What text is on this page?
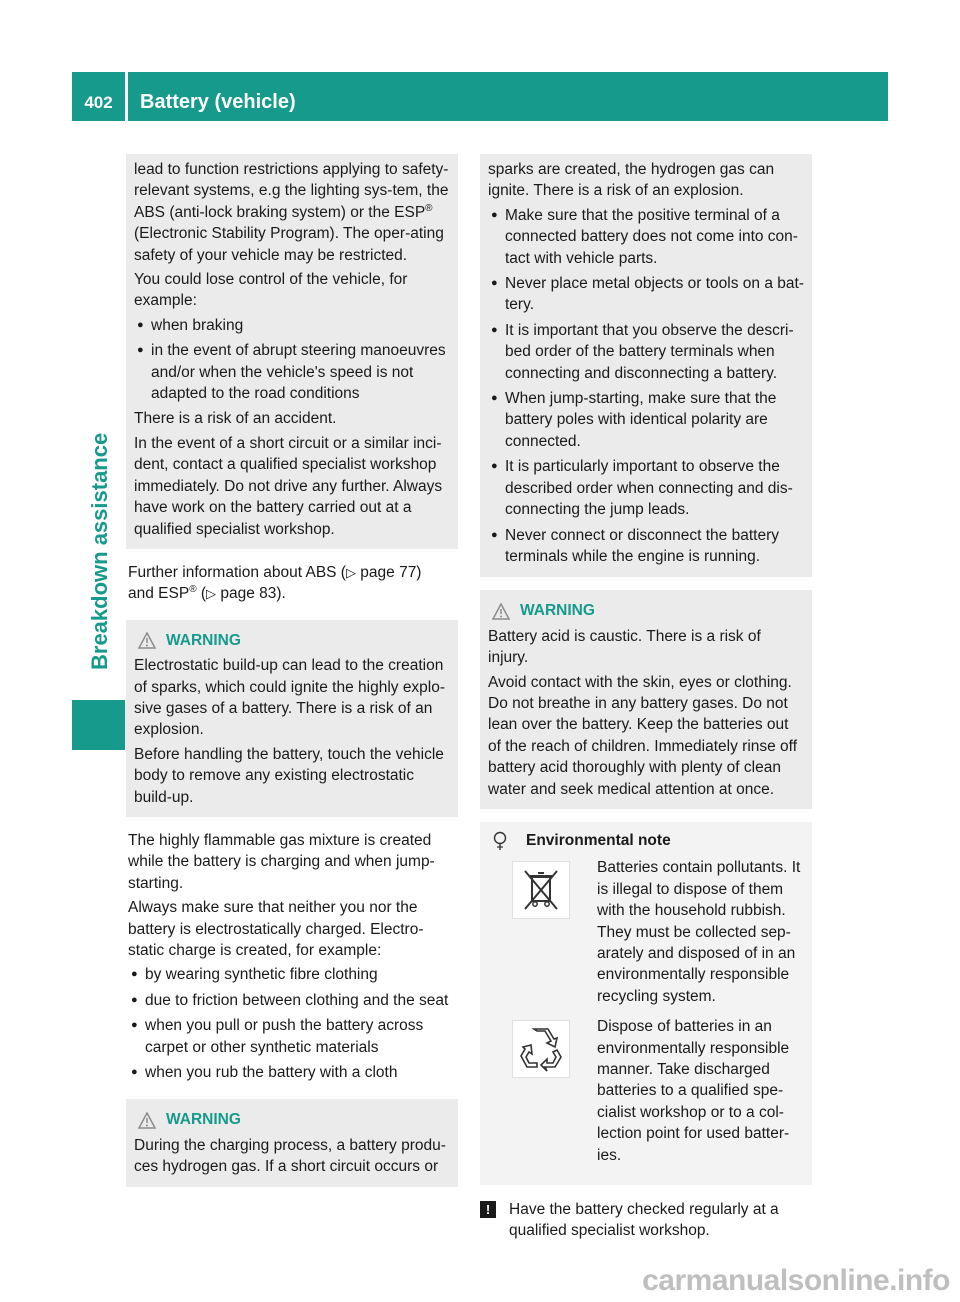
402	Battery (vehicle)
Breakdown assistance

lead to function restrictions applying to safety-relevant systems, e.g the lighting sys-tem, the ABS (anti-lock braking system) or the ESP® (Electronic Stability Program). The oper-ating safety of your vehicle may be restricted.

You could lose control of the vehicle, for example:

● when braking
● in the event of abrupt steering manoeuvres and/or when the vehicle's speed is not adapted to the road conditions

There is a risk of an accident.

In the event of a short circuit or a similar inci-dent, contact a qualified specialist workshop immediately. Do not drive any further. Always have work on the battery carried out at a qualified specialist workshop.

Further information about ABS (▷ page 77)
and ESP® (▷ page 83).

WARNING

Electrostatic build-up can lead to the creation of sparks, which could ignite the highly explo-sive gases of a battery. There is a risk of an explosion.

Before handling the battery, touch the vehicle body to remove any existing electrostatic build-up.

The highly flammable gas mixture is created while the battery is charging and when jump-starting.

Always make sure that neither you nor the battery is electrostatically charged. Electro-static charge is created, for example:

● by wearing synthetic fibre clothing
● due to friction between clothing and the seat
● when you pull or push the battery across carpet or other synthetic materials
● when you rub the battery with a cloth
WARNING

During the charging process, a battery produ-ces hydrogen gas. If a short circuit occurs or

sparks are created, the hydrogen gas can ignite. There is a risk of an explosion.

● Make sure that the positive terminal of a connected battery does not come into con-tact with vehicle parts.
● Never place metal objects or tools on a bat-tery.
● It is important that you observe the descri-bed order of the battery terminals when connecting and disconnecting a battery.
● When jump-starting, make sure that the battery poles with identical polarity are connected.
● It is particularly important to observe the described order when connecting and dis-connecting the jump leads.
● Never connect or disconnect the battery terminals while the engine is running.
WARNING

Battery acid is caustic. There is a risk of injury.

Avoid contact with the skin, eyes or clothing. Do not breathe in any battery gases. Do not lean over the battery. Keep the batteries out of the reach of children. Immediately rinse off battery acid thoroughly with plenty of clean water and seek medical attention at once.

Environmental note
Batteries contain pollutants. It is illegal to dispose of them with the household rubbish. They must be collected sep-arately and disposed of in an environmentally responsible recycling system.
Dispose of batteries in an environmentally responsible manner. Take discharged batteries to a qualified spe-cialist workshop or to a col-lection point for used batter-ies.
!	Have the battery checked regularly at a qualified specialist workshop.
carmanualsonline.info
